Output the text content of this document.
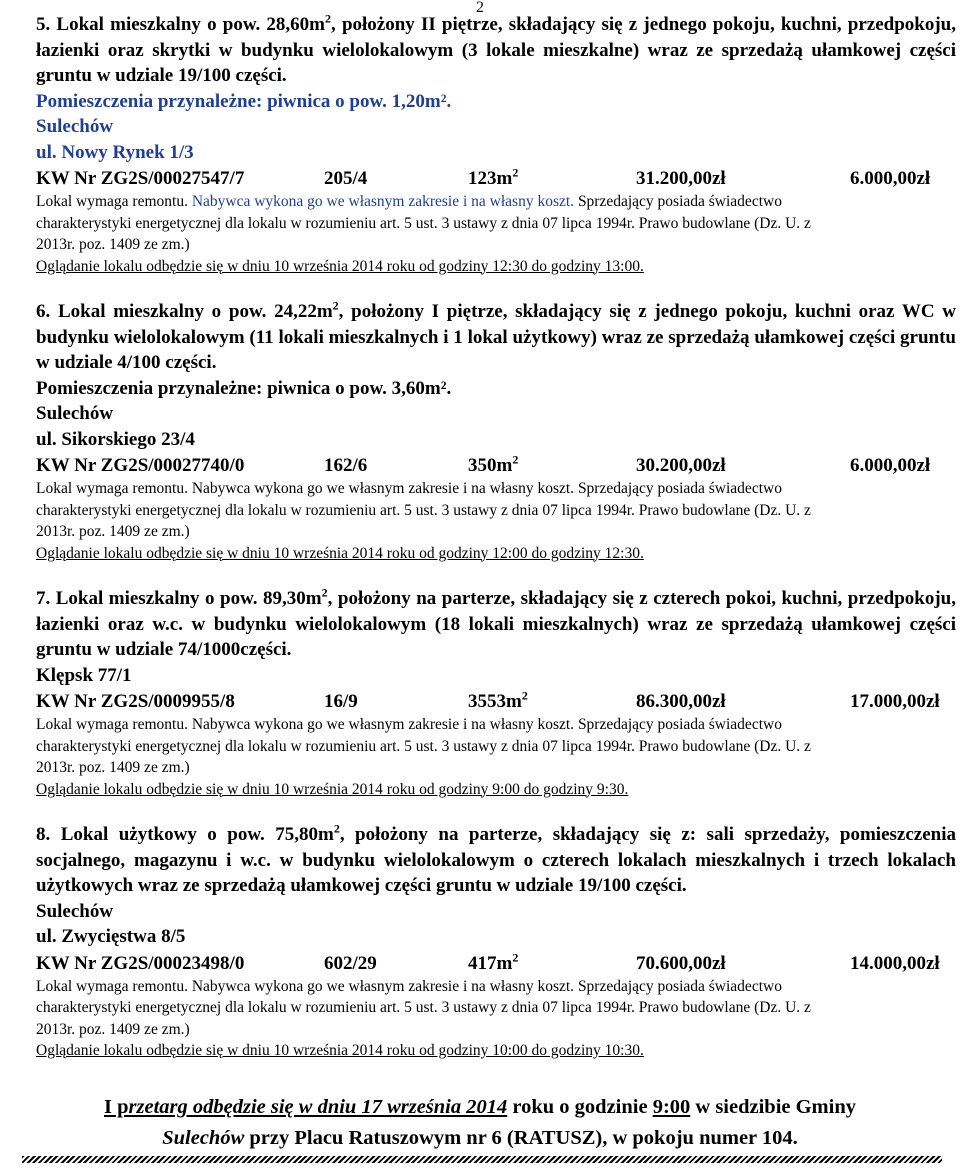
2

5. Lokal mieszkalny o pow. $28,60m^2$, położony II piętrze, składający się z jednego pokoju, kuchni, przedpokoju, łazienki oraz skrytki w budynku wielolokalowym (3 lokale mieszkalne) wraz ze sprzedażą ułamkowej części gruntu w udziale 19/100 części.

Pomieszczenia przynależne: piwnica o pow. 1,20m².

Sulechów

ul. Nowy Rynek 1/3

KW Nr ZG2S/00027547/7	205/4	$123m^2$	31.200,00zł	6.000,00zł

Lokal wymaga remontu. Nabywca wykona go we własnym zakresie i na własny koszt. Sprzedający posiada świadectwo

charakterystyki energetycznej dla lokalu w rozumieniu art. 5 ust. 3 ustawy z dnia 07 lipca 1994r. Prawo budowlane (Dz. U. z

2013r. poz. 1409 ze zm.)

Oglądanie lokalu odbędzie się w dniu 10 września 2014 roku od godziny 12:30 do godziny 13:00.

6. Lokal mieszkalny o pow. $24,22m^2$, położony I piętrze, składający się z jednego pokoju, kuchni oraz WC w budynku wielolokalowym (11 lokali mieszkalnych i 1 lokal użytkowy) wraz ze sprzedażą ułamkowej części gruntu w udziale 4/100 części.

Pomieszczenia przynależne: piwnica o pow. 3,60m².

Sulechów

ul. Sikorskiego 23/4

KW Nr ZG2S/00027740/0	162/6	$350m^2$	30.200,00zł	6.000,00zł

Lokal wymaga remontu. Nabywca wykona go we własnym zakresie i na własny koszt. Sprzedający posiada świadectwo

charakterystyki energetycznej dla lokalu w rozumieniu art. 5 ust. 3 ustawy z dnia 07 lipca 1994r. Prawo budowlane (Dz. U. z

2013r. poz. 1409 ze zm.)

Oglądanie lokalu odbędzie się w dniu 10 września 2014 roku od godziny 12:00 do godziny 12:30.

7. Lokal mieszkalny o pow. $89,30m^2$, położony na parterze, składający się z czterech pokoi, kuchni, przedpokoju, łazienki oraz w.c. w budynku wielolokalowym (18 lokali mieszkalnych) wraz ze sprzedażą ułamkowej części gruntu w udziale 74/1000części.

Klępsk 77/1

KW Nr ZG2S/0009955/8	16/9	$3553m^2$	86.300,00zł	17.000,00zł

Lokal wymaga remontu. Nabywca wykona go we własnym zakresie i na własny koszt. Sprzedający posiada świadectwo

charakterystyki energetycznej dla lokalu w rozumieniu art. 5 ust. 3 ustawy z dnia 07 lipca 1994r. Prawo budowlane (Dz. U. z

2013r. poz. 1409 ze zm.)

Oglądanie lokalu odbędzie się w dniu 10 września 2014 roku od godziny 9:00 do godziny 9:30.

8. Lokal użytkowy o pow. $75,80m^2$, położony na parterze, składający się z: sali sprzedaży, pomieszczenia socjalnego, magazynu i w.c. w budynku wielolokalowym o czterech lokalach mieszkalnych i trzech lokalach użytkowych wraz ze sprzedażą ułamkowej części gruntu w udziale 19/100 części.

Sulechów

ul. Zwycięstwa 8/5

KW Nr ZG2S/00023498/0	602/29	$417m^2$	70.600,00zł	14.000,00zł

Lokal wymaga remontu. Nabywca wykona go we własnym zakresie i na własny koszt. Sprzedający posiada świadectwo

charakterystyki energetycznej dla lokalu w rozumieniu art. 5 ust. 3 ustawy z dnia 07 lipca 1994r. Prawo budowlane (Dz. U. z

2013r. poz. 1409 ze zm.)

Oglądanie lokalu odbędzie się w dniu 10 września 2014 roku od godziny 10:00 do godziny 10:30.

I przetarg odbędzie się w dniu 17 września 2014 roku o godzinie 9:00 w siedzibie Gminy

Sulechów przy Placu Ratuszowym nr 6 (RATUSZ), w pokoju numer 104.
